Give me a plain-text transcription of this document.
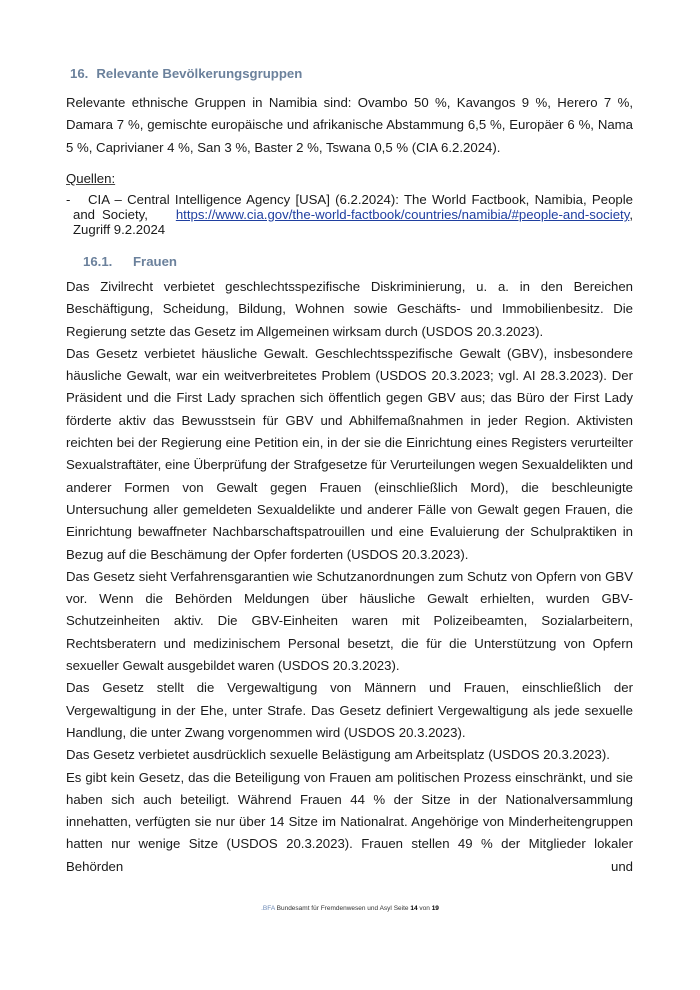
16. Relevante Bevölkerungsgruppen

Relevante ethnische Gruppen in Namibia sind: Ovambo 50 %, Kavangos 9 %, Herero 7 %, Damara 7 %, gemischte europäische und afrikanische Abstammung 6,5 %, Europäer 6 %, Nama 5 %, Caprivianer 4 %, San 3 %, Baster 2 %, Tswana 0,5 % (CIA 6.2.2024).

Quellen:
- CIA – Central Intelligence Agency [USA] (6.2.2024): The World Factbook, Namibia, People and Society, https://www.cia.gov/the-world-factbook/countries/namibia/#people-and-society, Zugriff 9.2.2024
16.1. Frauen

Das Zivilrecht verbietet geschlechtsspezifische Diskriminierung, u. a. in den Bereichen Beschäftigung, Scheidung, Bildung, Wohnen sowie Geschäfts- und Immobilienbesitz. Die Regierung setzte das Gesetz im Allgemeinen wirksam durch (USDOS 20.3.2023).

Das Gesetz verbietet häusliche Gewalt. Geschlechtsspezifische Gewalt (GBV), insbesondere häusliche Gewalt, war ein weitverbreitetes Problem (USDOS 20.3.2023; vgl. AI 28.3.2023). Der Präsident und die First Lady sprachen sich öffentlich gegen GBV aus; das Büro der First Lady förderte aktiv das Bewusstsein für GBV und Abhilfemaßnahmen in jeder Region. Aktivisten reichten bei der Regierung eine Petition ein, in der sie die Einrichtung eines Registers verurteilter Sexualstraftäter, eine Überprüfung der Strafgesetze für Verurteilungen wegen Sexualdelikten und anderer Formen von Gewalt gegen Frauen (einschließlich Mord), die beschleunigte Untersuchung aller gemeldeten Sexualdelikte und anderer Fälle von Gewalt gegen Frauen, die Einrichtung bewaffneter Nachbarschaftspatrouillen und eine Evaluierung der Schulpraktiken in Bezug auf die Beschämung der Opfer forderten (USDOS 20.3.2023).

Das Gesetz sieht Verfahrensgarantien wie Schutzanordnungen zum Schutz von Opfern von GBV vor. Wenn die Behörden Meldungen über häusliche Gewalt erhielten, wurden GBV-Schutzeinheiten aktiv. Die GBV-Einheiten waren mit Polizeibeamten, Sozialarbeitern, Rechtsberatern und medizinischem Personal besetzt, die für die Unterstützung von Opfern sexueller Gewalt ausgebildet waren (USDOS 20.3.2023).

Das Gesetz stellt die Vergewaltigung von Männern und Frauen, einschließlich der Vergewaltigung in der Ehe, unter Strafe. Das Gesetz definiert Vergewaltigung als jede sexuelle Handlung, die unter Zwang vorgenommen wird (USDOS 20.3.2023).

Das Gesetz verbietet ausdrücklich sexuelle Belästigung am Arbeitsplatz (USDOS 20.3.2023).

Es gibt kein Gesetz, das die Beteiligung von Frauen am politischen Prozess einschränkt, und sie haben sich auch beteiligt. Während Frauen 44 % der Sitze in der Nationalversammlung innehatten, verfügten sie nur über 14 Sitze im Nationalrat. Angehörige von Minderheitengruppen hatten nur wenige Sitze (USDOS 20.3.2023). Frauen stellen 49 % der Mitglieder lokaler Behörden und

.BFA Bundesamt für Fremdenwesen und Asyl Seite 14 von 19
